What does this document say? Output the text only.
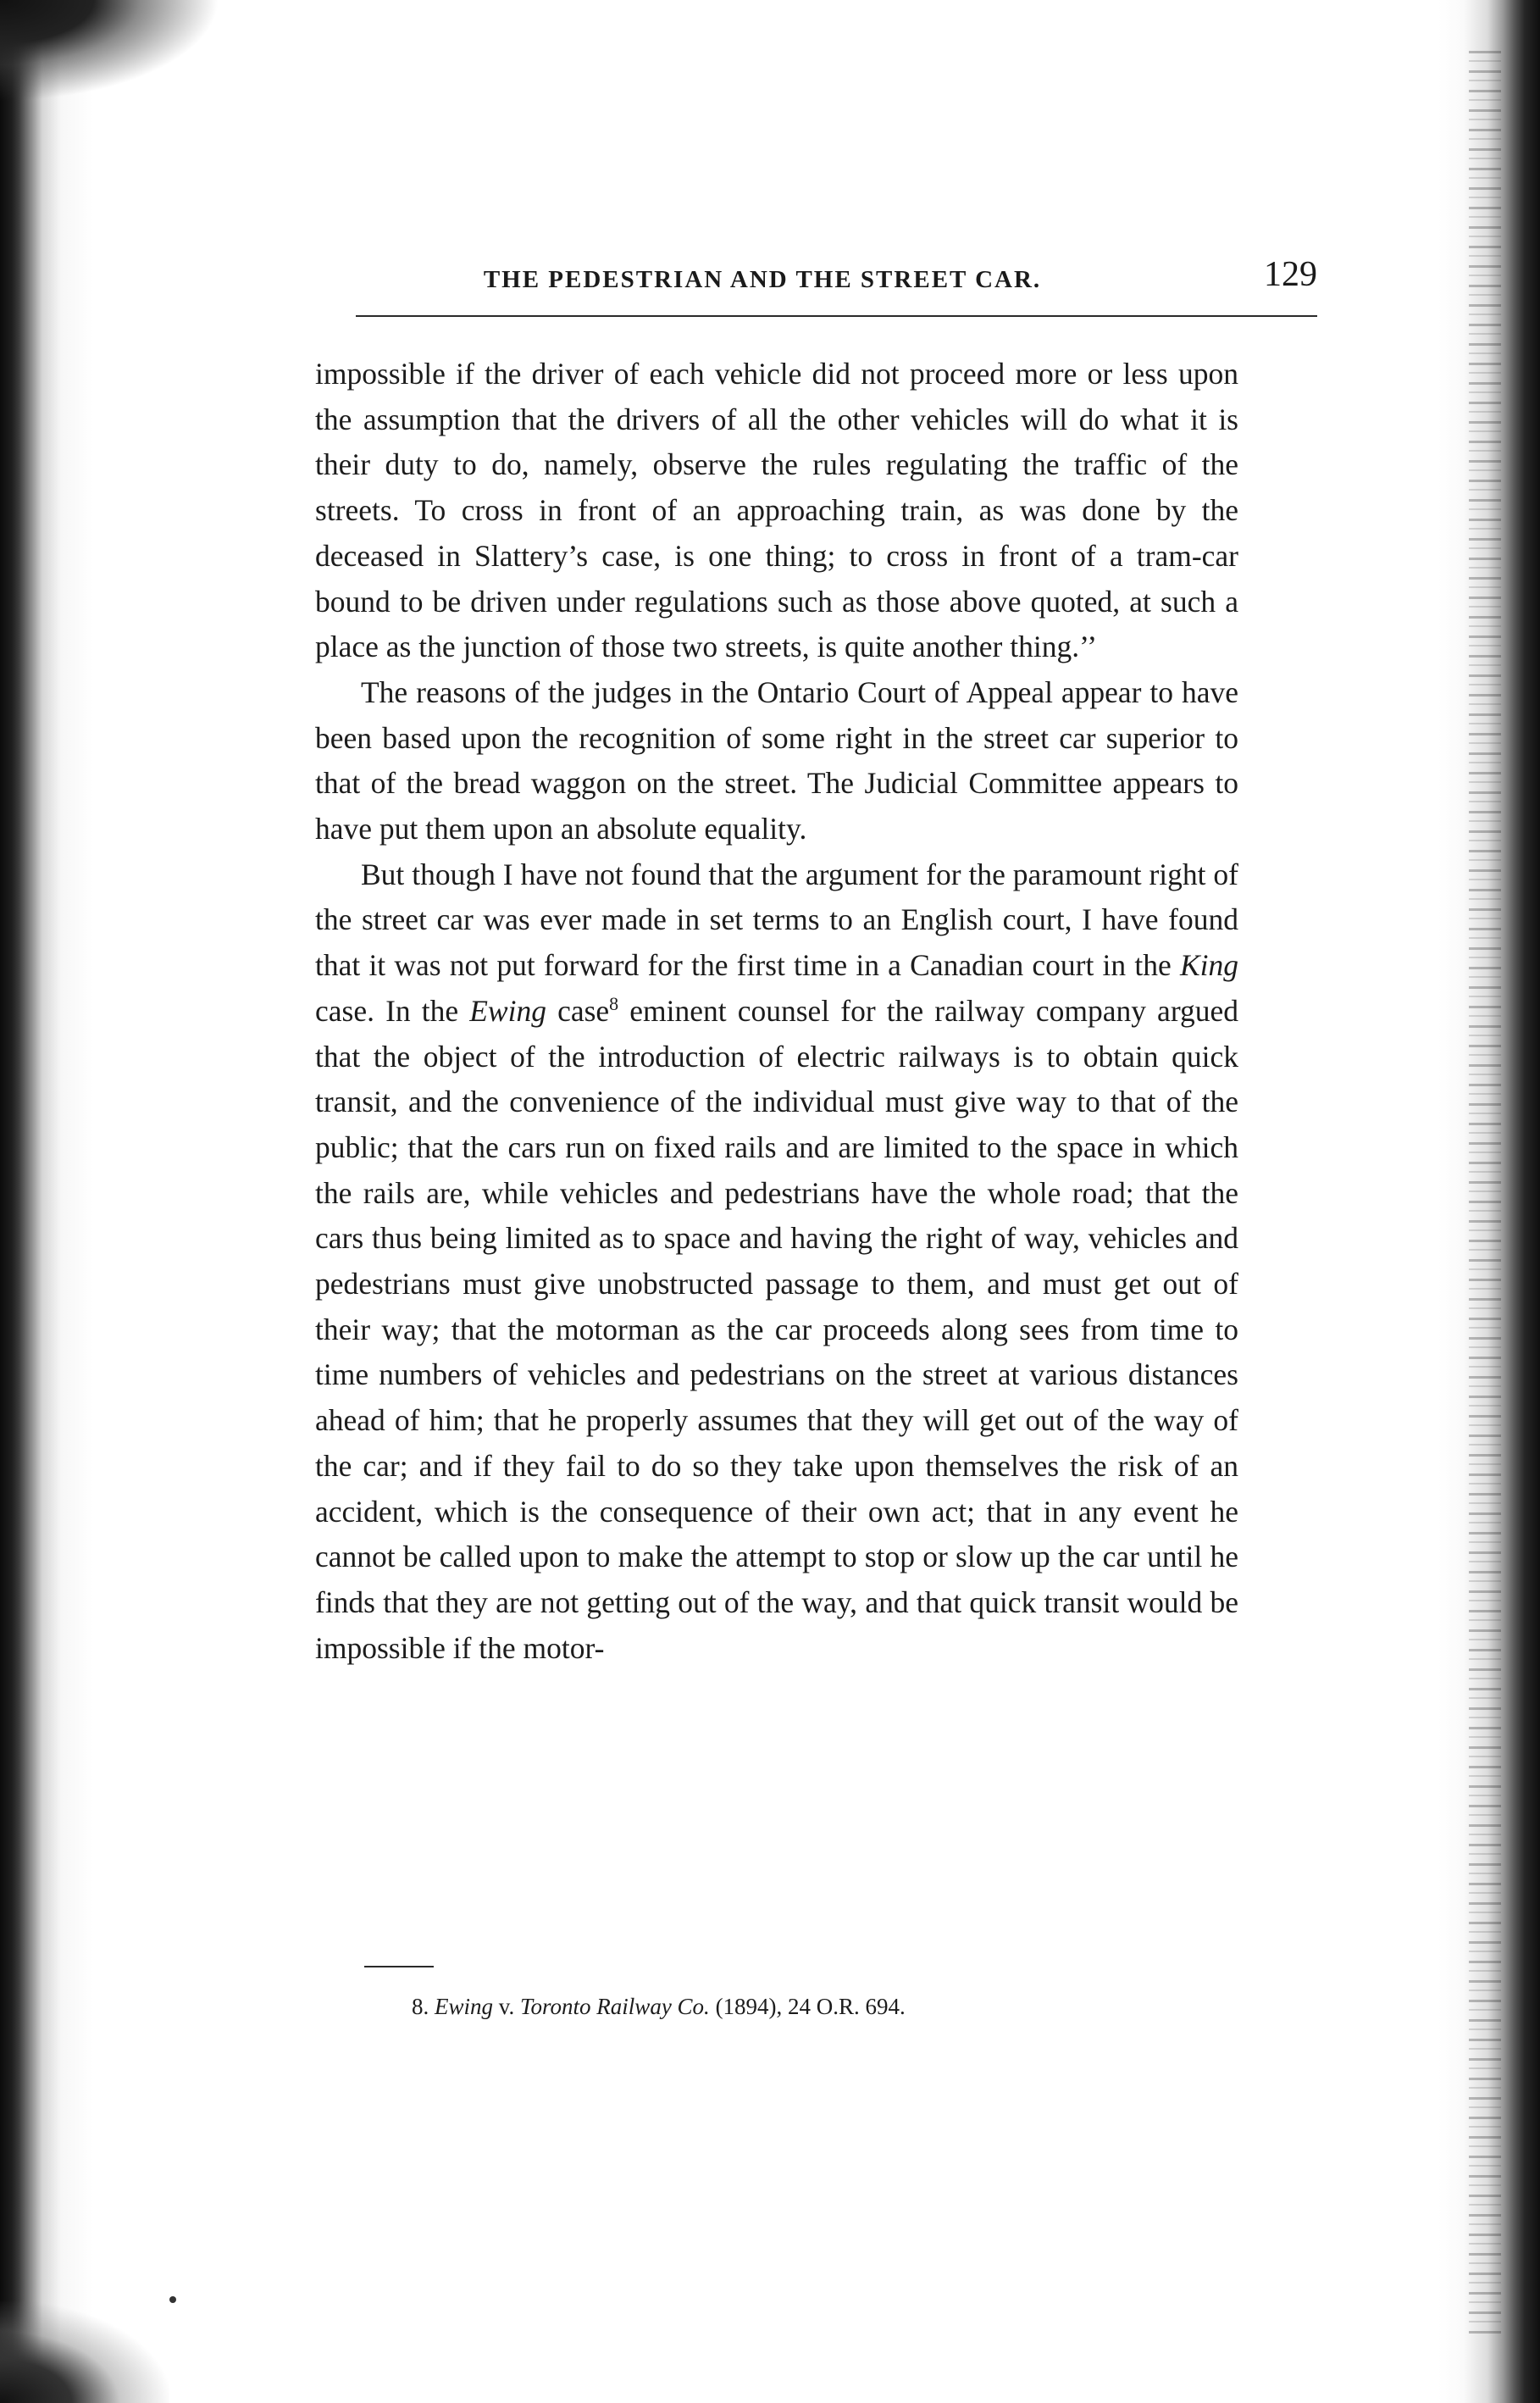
THE PEDESTRIAN AND THE STREET CAR.	129

impossible if the driver of each vehicle did not proceed more or less upon the assumption that the drivers of all the other vehicles will do what it is their duty to do, namely, observe the rules regulating the traffic of the streets. To cross in front of an approaching train, as was done by the deceased in Slattery’s case, is one thing; to cross in front of a tram-car bound to be driven under regulations such as those above quoted, at such a place as the junction of those two streets, is quite another thing.’’

The reasons of the judges in the Ontario Court of Appeal appear to have been based upon the recognition of some right in the street car superior to that of the bread waggon on the street. The Judicial Committee appears to have put them upon an absolute equality.

But though I have not found that the argument for the paramount right of the street car was ever made in set terms to an English court, I have found that it was not put forward for the first time in a Canadian court in the King case. In the Ewing case$^8$ eminent counsel for the railway company argued that the object of the introduction of electric railways is to obtain quick transit, and the convenience of the individual must give way to that of the public; that the cars run on fixed rails and are limited to the space in which the rails are, while vehicles and pedestrians have the whole road; that the cars thus being limited as to space and having the right of way, vehicles and pedestrians must give unobstructed passage to them, and must get out of their way; that the motorman as the car proceeds along sees from time to time numbers of vehicles and pedestrians on the street at various distances ahead of him; that he properly assumes that they will get out of the way of the car; and if they fail to do so they take upon themselves the risk of an accident, which is the consequence of their own act; that in any event he cannot be called upon to make the attempt to stop or slow up the car until he finds that they are not getting out of the way, and that quick transit would be impossible if the motor-

8. Ewing v. Toronto Railway Co. (1894), 24 O.R. 694.
